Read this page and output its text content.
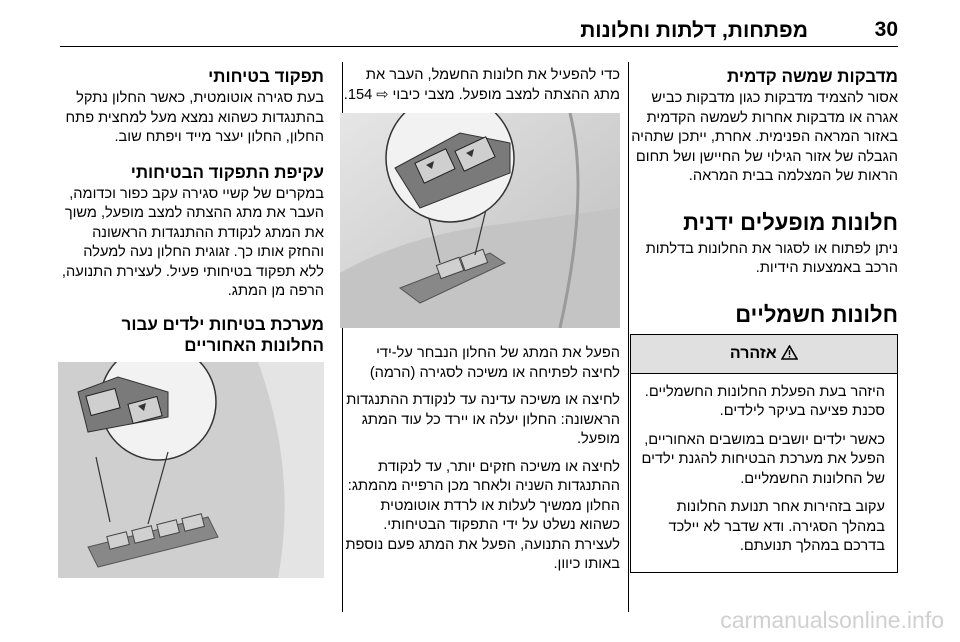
30
מפתחות, דלתות וחלונות
מדבקות שמשה קדמית

אסור להצמיד מדבקות כגון מדבקות כביש אגרה או מדבקות אחרות לשמשה הקדמית באזור המראה הפנימית. אחרת, ייתכן שתהיה הגבלה של אזור הגילוי של החיישן ושל תחום הראות של המצלמה בבית המראה.

חלונות מופעלים ידנית

ניתן לפתוח או לסגור את החלונות בדלתות הרכב באמצעות הידיות.

חלונות חשמליים
אזהרה

היזהר בעת הפעלת החלונות החשמליים. סכנת פציעה בעיקר לילדים.

כאשר ילדים יושבים במושבים האחוריים, הפעל את מערכת הבטיחות להגנת ילדים של החלונות החשמליים.

עקוב בזהירות אחר תנועת החלונות במהלך הסגירה. ודא שדבר לא יילכד בדרכם במהלך תנועתם.

כדי להפעיל את חלונות החשמל, העבר את מתג ההצתה למצב מופעל. מצבי כיבוי ⇨ 154.

הפעל את המתג של החלון הנבחר על-ידי לחיצה לפתיחה או משיכה לסגירה (הרמה)

לחיצה או משיכה עדינה עד לנקודת ההתנגדות הראשונה: החלון יעלה או יירד כל עוד המתג מופעל.

לחיצה או משיכה חזקים יותר, עד לנקודת ההתנגדות השניה ולאחר מכן הרפייה מהמתג: החלון ממשיך לעלות או לרדת אוטומטית כשהוא נשלט על ידי התפקוד הבטיחותי. לעצירת התנועה, הפעל את המתג פעם נוספת באותו כיוון.

תפקוד בטיחותי

בעת סגירה אוטומטית, כאשר החלון נתקל בהתנגדות כשהוא נמצא מעל למחצית פתח החלון, החלון יעצר מייד ויפתח שוב.

עקיפת התפקוד הבטיחותי

במקרים של קשיי סגירה עקב כפור וכדומה, העבר את מתג ההצתה למצב מופעל, משוך את המתג לנקודת ההתנגדות הראשונה והחזק אותו כך. זגוגית החלון נעה למעלה ללא תפקוד בטיחותי פעיל. לעצירת התנועה, הרפה מן המתג.

מערכת בטיחות ילדים עבור החלונות האחוריים
carmanualsonline.info
